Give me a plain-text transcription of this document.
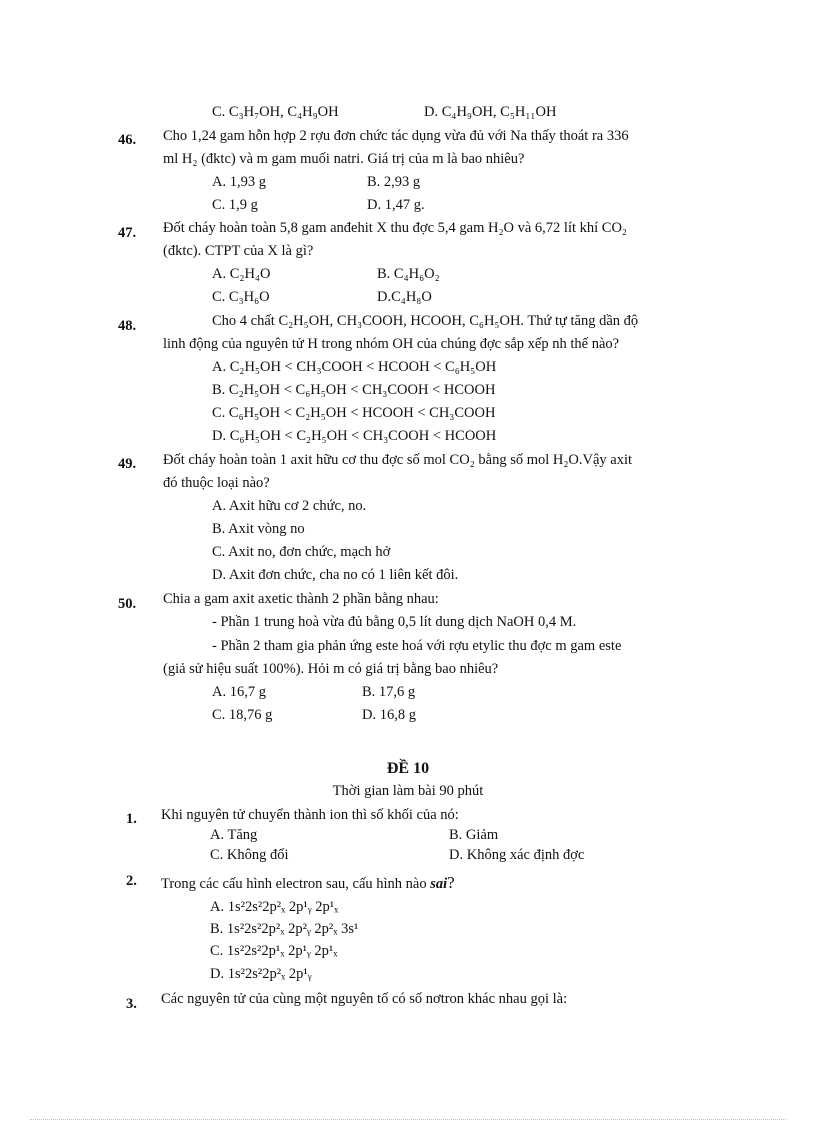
C. C₃H₇OH, C₄H₉OH	D. C₄H₉OH, C₅H₁₁OH
46. Cho 1,24 gam hỗn hợp 2 rợu đơn chức tác dụng vừa đủ với Na thấy thoát ra 336
ml H₂ (đktc) và m gam muối natri. Giá trị của m là bao nhiêu?
A. 1,93 g	B. 2,93 g
C. 1,9 g	D. 1,47 g.
47. Đốt cháy hoàn toàn 5,8 gam anđehit X thu đợc 5,4 gam H₂O và 6,72 lít khí CO₂
(đktc). CTPT của X là gì?
A. C₂H₄O	B. C₄H₆O₂
C. C₃H₆O	D.C₄H₈O
48.	Cho 4 chất C₂H₅OH, CH₃COOH, HCOOH, C₆H₅OH. Thứ tự tăng dần độ
linh động của nguyên tử H trong nhóm OH của chúng đợc sắp xếp nh thế nào?
A. C₂H₅OH < CH₃COOH < HCOOH < C₆H₅OH
B. C₂H₅OH < C₆H₅OH < CH₃COOH < HCOOH
C. C₆H₅OH < C₂H₅OH < HCOOH < CH₃COOH
D. C₆H₅OH < C₂H₅OH < CH₃COOH < HCOOH
49. Đốt cháy hoàn toàn 1 axit hữu cơ thu đợc số mol CO₂ bằng số mol H₂O.Vậy axit
đó thuộc loại nào?
A. Axit hữu cơ 2 chức, no.
B. Axit vòng no
C. Axit no, đơn chức, mạch hở
D. Axit đơn chức, cha no có 1 liên kết đôi.
50. Chia a gam axit axetic thành 2 phần bằng nhau:
- Phần 1 trung hoà vừa đủ bằng 0,5 lít dung dịch NaOH 0,4 M.
- Phần 2 tham gia phản ứng este hoá với rợu etylic thu đợc m gam este
(giả sử hiệu suất 100%). Hỏi m có giá trị bằng bao nhiêu?
A. 16,7 g	B. 17,6 g
C. 18,76 g	D. 16,8 g
ĐỀ 10
Thời gian làm bài 90 phút
1. Khi nguyên tử chuyển thành ion thì số khối của nó:
A. Tăng	B. Giảm
C. Không đổi	D. Không xác định đợc
2. Trong các cấu hình electron sau, cấu hình nào sai?
A. 1s²2s²2p²ₓ 2p¹ᵧ 2p¹ₓ
B. 1s²2s²2p²ₓ 2p²ᵧ 2p²ₓ 3s¹
C. 1s²2s²2p¹ₓ 2p¹ᵧ 2p¹ₓ
D. 1s²2s²2p²ₓ 2p¹ᵧ
3. Các nguyên tử của cùng một nguyên tố có số nơtron khác nhau gọi là:
